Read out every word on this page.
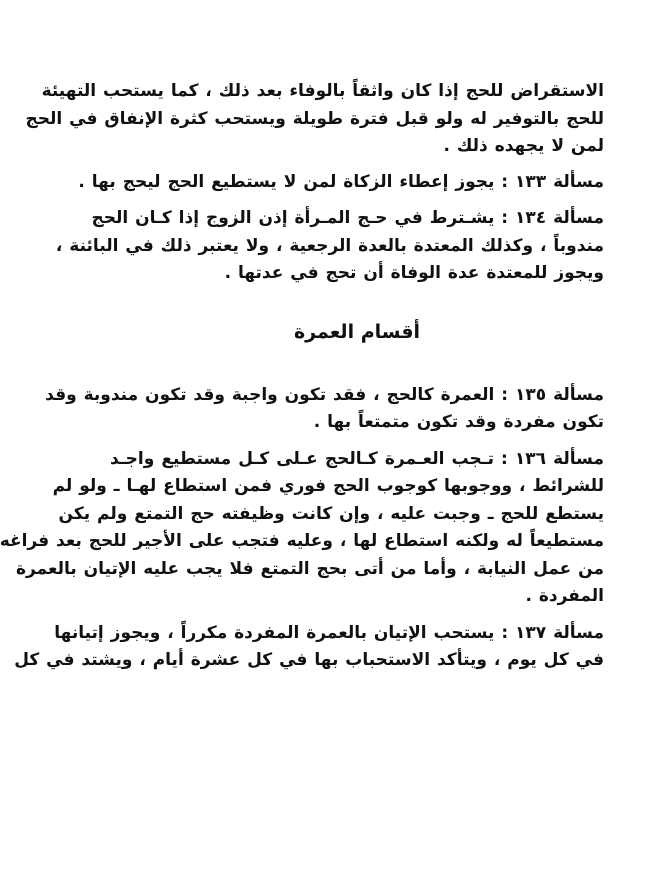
الاستقراض للحج إذا كان واثقاً بالوفاء بعد ذلك ، كما يستحب التهيئة
للحج بالتوفير له ولو قبل فترة طويلة ويستحب كثرة الإنفاق في الحج
لمن لا يجهده ذلك .
مسألة ١٣٣ : يجوز إعطاء الزكاة لمن لا يستطيع الحج ليحج بها .
مسألة ١٣٤ : يشـترط في حـج المـرأة إذن الزوج إذا كـان الحج
مندوباً ، وكذلك المعتدة بالعدة الرجعية ، ولا يعتبر ذلك في البائنة ،
ويجوز للمعتدة عدة الوفاة أن تحج في عدتها .
أقسام العمرة
مسألة ١٣٥ : العمرة كالحج ، فقد تكون واجبة وقد تكون مندوبة وقد
تكون مفردة وقد تكون متمتعاً بها .
مسألة ١٣٦ : تـجب العـمرة كـالحج عـلى كـل مستطيع واجـد
للشرائط ، ووجوبها كوجوب الحج فوري فمن استطاع لهـا ـ ولو لم
يستطع للحج ـ وجبت عليه ، وإن كانت وظيفته حج التمتع ولم يكن
مستطيعاً له ولكنه استطاع لها ، وعليه فتجب على الأجير للحج بعد فراغه
من عمل النيابة ، وأما من أتى بحج التمتع فلا يجب عليه الإتيان بالعمرة
المفردة .
مسألة ١٣٧ : يستحب الإتيان بالعمرة المفردة مكرراً ، ويجوز إتيانها
في كل يوم ، ويتأكد الاستحباب بها في كل عشرة أيام ، ويشتد في كل
